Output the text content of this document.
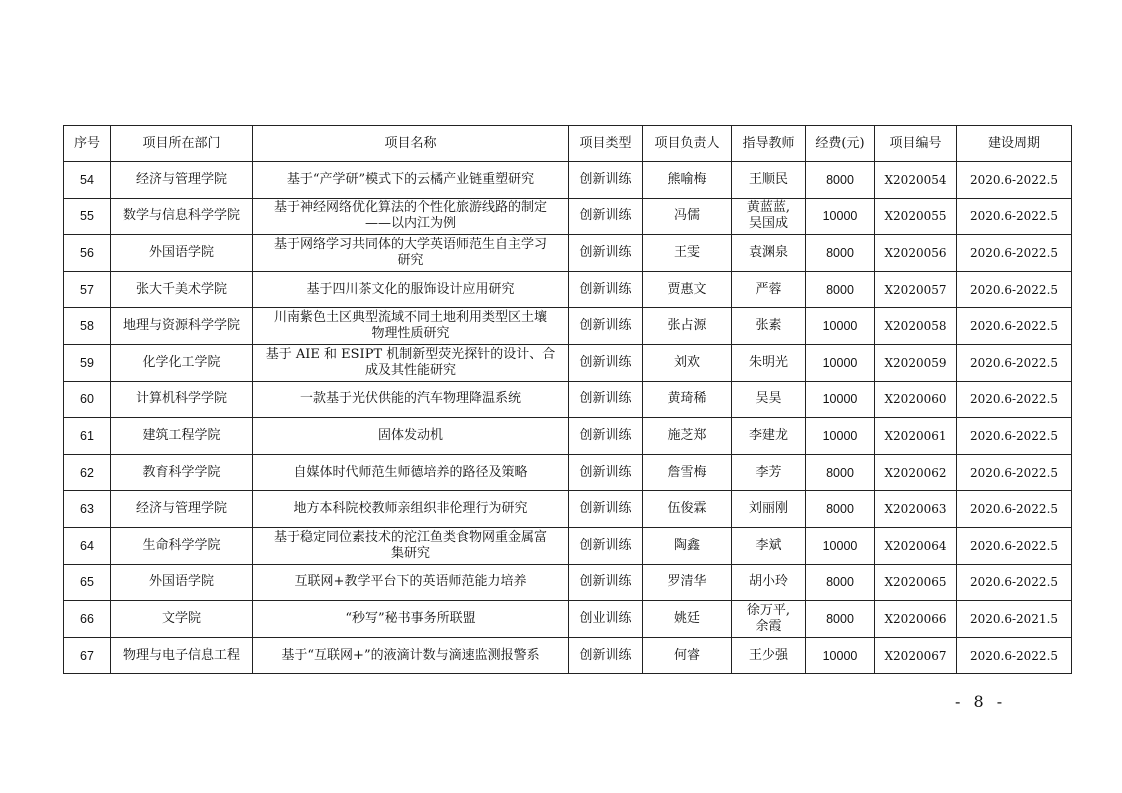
序号	项目所在部门	项目名称	项目类型	项目负责人	指导教师	经费(元)	项目编号	建设周期
54	经济与管理学院	基于“产学研”模式下的云橘产业链重塑研究	创新训练	熊喻梅	王顺民	8000	X2020054	2020.6-2022.5
55	数学与信息科学学院	基于神经网络优化算法的个性化旅游线路的制定
——以内江为例	创新训练	冯儒	黄蓝蓝,
吴国成	10000	X2020055	2020.6-2022.5
56	外国语学院	基于网络学习共同体的大学英语师范生自主学习
研究	创新训练	王雯	袁渊泉	8000	X2020056	2020.6-2022.5
57	张大千美术学院	基于四川茶文化的服饰设计应用研究	创新训练	贾惠文	严蓉	8000	X2020057	2020.6-2022.5
58	地理与资源科学学院	川南紫色土区典型流域不同土地利用类型区土壤
物理性质研究	创新训练	张占源	张素	10000	X2020058	2020.6-2022.5
59	化学化工学院	基于 AIE 和 ESIPT 机制新型荧光探针的设计、合
成及其性能研究	创新训练	刘欢	朱明光	10000	X2020059	2020.6-2022.5
60	计算机科学学院	一款基于光伏供能的汽车物理降温系统	创新训练	黄琦稀	吴昊	10000	X2020060	2020.6-2022.5
61	建筑工程学院	固体发动机	创新训练	施芝郑	李建龙	10000	X2020061	2020.6-2022.5
62	教育科学学院	自媒体时代师范生师德培养的路径及策略	创新训练	詹雪梅	李芳	8000	X2020062	2020.6-2022.5
63	经济与管理学院	地方本科院校教师亲组织非伦理行为研究	创新训练	伍俊霖	刘丽刚	8000	X2020063	2020.6-2022.5
64	生命科学学院	基于稳定同位素技术的沱江鱼类食物网重金属富
集研究	创新训练	陶鑫	李斌	10000	X2020064	2020.6-2022.5
65	外国语学院	互联网+教学平台下的英语师范能力培养	创新训练	罗清华	胡小玲	8000	X2020065	2020.6-2022.5
66	文学院	“秒写”秘书事务所联盟	创业训练	姚廷	徐万平,
余霞	8000	X2020066	2020.6-2021.5
67	物理与电子信息工程	基于“互联网+”的液滴计数与滴速监测报警系	创新训练	何睿	王少强	10000	X2020067	2020.6-2022.5
- 8 -
